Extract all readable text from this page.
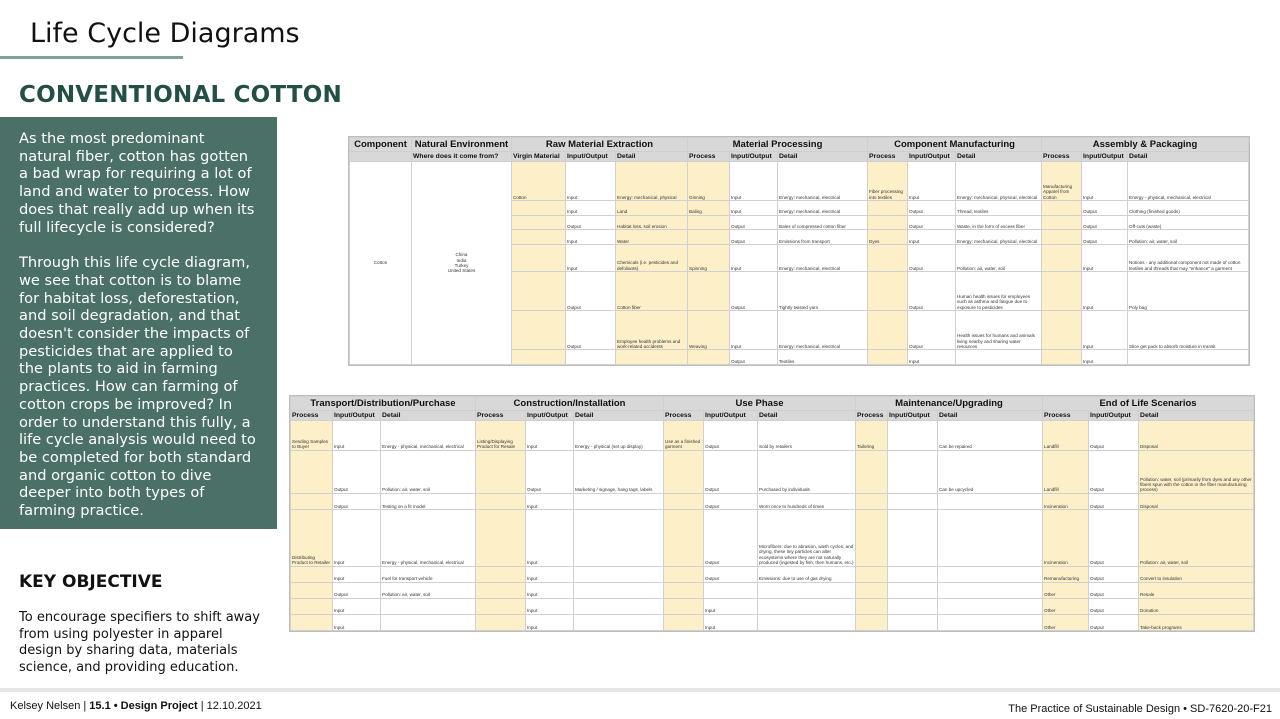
Life Cycle Diagrams
CONVENTIONAL COTTON

As the most predominant natural fiber, cotton has gotten a bad wrap for requiring a lot of land and water to process. How does that really add up when its full lifecycle is considered?

Through this life cycle diagram, we see that cotton is to blame for habitat loss, deforestation, and soil degradation, and that doesn't consider the impacts of pesticides that are applied to the plants to aid in farming practices. How can farming of cotton crops be improved? In order to understand this fully, a life cycle analysis would need to be completed for both standard and organic cotton to dive deeper into both types of farming practice.

KEY OBJECTIVE
To encourage specifiers to shift away from using polyester in apparel design by sharing data, materials science, and providing education.
Component	Natural Environment	Raw Material Extraction			Material Processing			Component Manufacturing			Assembly & Packaging		
	Where does it come from?	Virgin Material	Input/Output	Detail	Process	Input/Output	Detail	Process	Input/Output	Detail	Process	Input/Output	Detail
Cotton	China
India
Turkey
United States	Cotton	Input	Energy: mechanical, physical	Ginning	Input	Energy: mechanical, electrical	Fiber processing into textiles	Input	Energy: mechanical, physical, electrical	Manufacturing Apparel from Cotton	Input	Energy - physical, mechanical, electrical
			Input	Land	Baling	Input	Energy: mechanical, electrical		Output	Thread, textiles		Output	Clothing (finished goods)
			Output	Habitat loss, soil erosion		Output	Bales of compressed cotton fiber		Output	Waste, in the form of excess fiber		Output	Off-cuts (waste)
			Input	Water		Output	Emissions from transport	Dyes	Input	Energy: mechanical, physical, electrical		Output	Pollution: air, water, soil
			Input	Chemicals (i.e. pesticides and defoliants)	Spinning	Input	Energy: mechanical, electrical		Output	Pollution: air, water, soil		Input	Notions - any additional component not made of cotton textiles and threads that may "enhance" a garment
			Output	Cotton fiber		Output	Tightly twisted yarn		Output	Human health issues for employees such as asthma and fatigue due to exposure to pesticides		Input	Poly bag
			Output	Employee health problems and work-related accidents	Weaving	Input	Energy: mechanical, electrical		Output	Health issues for humans and animals living nearby and sharing water resources		Input	Slice get pack to absorb moisture in transit
						Output	Textiles		Input			Input	
Transport/Distribution/Purchase			Construction/Installation			Use Phase			Maintenance/Upgrading			End of Life Scenarios		
Process	Input/Output	Detail	Process	Input/Output	Detail	Process	Input/Output	Detail	Process	Input/Output	Detail	Process	Input/Output	Detail
Sending Samples to Buyer	Input	Energy - physical, mechanical, electrical	Listing/Displaying Product for Resale	Input	Energy - physical (set up display)	Use as a finished garment	Output	Sold by retailers	Tailoring		Can be repaired	Landfill	Output	Disposal
	Output	Pollution: air, water, soil		Output	Marketing / signage, hang tags, labels		Output	Purchased by individuals			Can be upcycled	Landfill	Output	Pollution: water, soil (primarily from dyes and any other fibers spun with the cotton in the fiber manufacturing process)
	Output	Testing on a fit model		Input			Output	Worn once to hundreds of times				Incineration	Output	Disposal
Distributing Product to Retailer	Input	Energy - physical, mechanical, electrical		Input			Output	Microfibers: due to abrasion, wash cycles, and drying, these tiny particles can alter ecosystems where they are not naturally produced (ingested by fish, then humans, etc.)				Incineration	Output	Pollution: air, water, soil
	Input	Fuel for transport vehicle		Input			Output	Emissions: due to use of gas drying				Remanufacturing	Output	Convert to insulation
	Output	Pollution: air, water, soil		Input								Other	Output	Resale
	Input			Input			Input					Other	Output	Donation
	Input			Input			Input					Other	Output	Take-back programs
Kelsey Nelsen | 15.1 • Design Project | 12.10.2021	The Practice of Sustainable Design • SD-7620-20-F21
